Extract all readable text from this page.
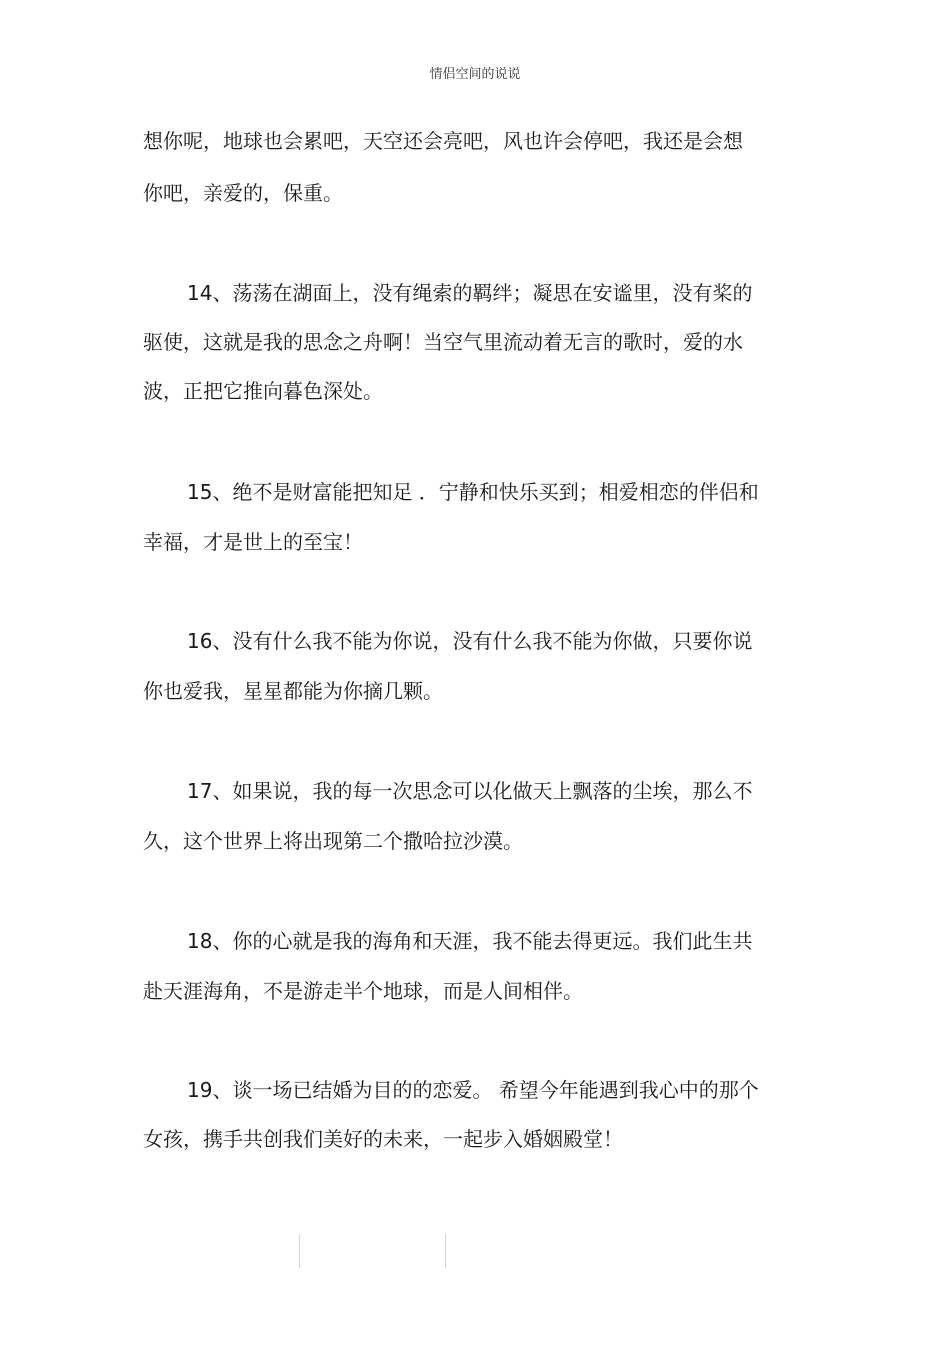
情侣空间的说说
想你呢，地球也会累吧，天空还会亮吧，风也许会停吧，我还是会想
你吧，亲爱的，保重。
14、荡荡在湖面上，没有绳索的羁绊；凝思在安谧里，没有桨的
驱使，这就是我的思念之舟啊！当空气里流动着无言的歌时，爱的水
波，正把它推向暮色深处。
15、绝不是财富能把知足 ．宁静和快乐买到；相爱相恋的伴侣和
幸福，才是世上的至宝！
16、没有什么我不能为你说，没有什么我不能为你做，只要你说
你也爱我，星星都能为你摘几颗。
17、如果说，我的每一次思念可以化做天上飘落的尘埃，那么不
久，这个世界上将出现第二个撒哈拉沙漠。
18、你的心就是我的海角和天涯，我不能去得更远。我们此生共
赴天涯海角，不是游走半个地球，而是人间相伴。
19、谈一场已结婚为目的的恋爱。 希望今年能遇到我心中的那个
女孩，携手共创我们美好的未来，一起步入婚姻殿堂！
